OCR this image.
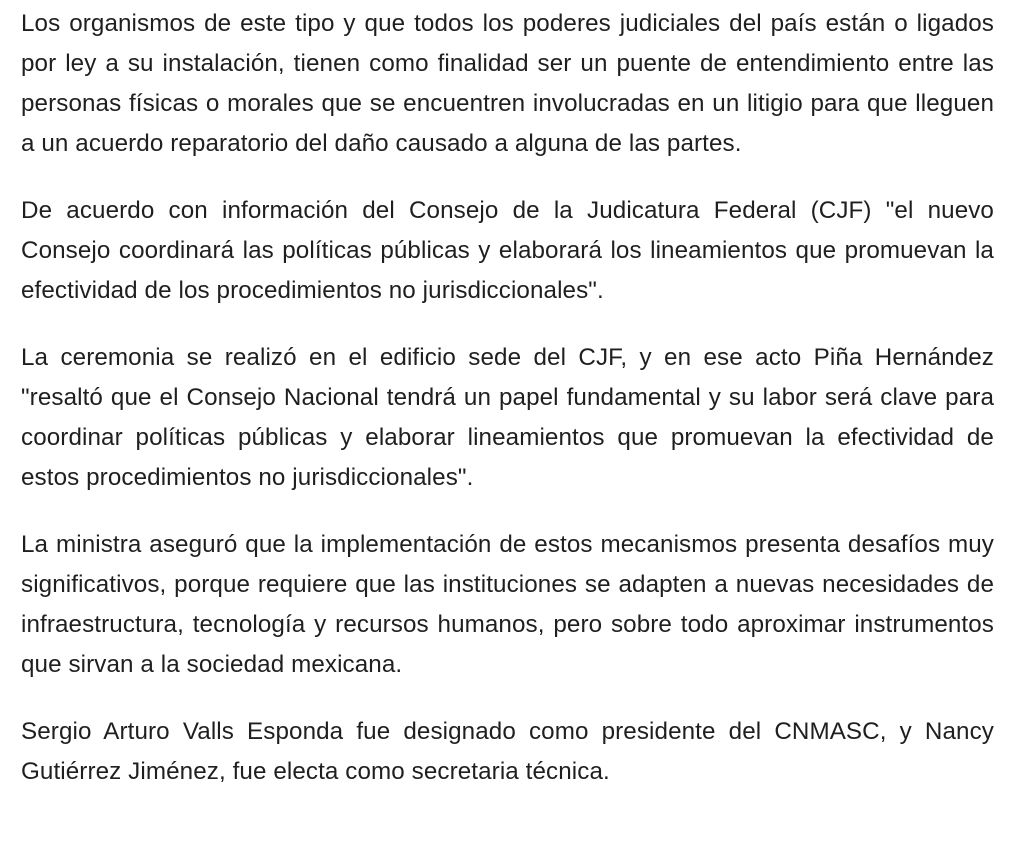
Los organismos de este tipo y que todos los poderes judiciales del país están o ligados por ley a su instalación, tienen como finalidad ser un puente de entendimiento entre las personas físicas o morales que se encuentren involucradas en un litigio para que lleguen a un acuerdo reparatorio del daño causado a alguna de las partes.

De acuerdo con información del Consejo de la Judicatura Federal (CJF) "el nuevo Consejo coordinará las políticas públicas y elaborará los lineamientos que promuevan la efectividad de los procedimientos no jurisdiccionales".

La ceremonia se realizó en el edificio sede del CJF, y en ese acto Piña Hernández "resaltó que el Consejo Nacional tendrá un papel fundamental y su labor será clave para coordinar políticas públicas y elaborar lineamientos que promuevan la efectividad de estos procedimientos no jurisdiccionales".

La ministra aseguró que la implementación de estos mecanismos presenta desafíos muy significativos, porque requiere que las instituciones se adapten a nuevas necesidades de infraestructura, tecnología y recursos humanos, pero sobre todo aproximar instrumentos que sirvan a la sociedad mexicana.

Sergio Arturo Valls Esponda fue designado como presidente del CNMASC, y Nancy Gutiérrez Jiménez, fue electa como secretaria técnica.
